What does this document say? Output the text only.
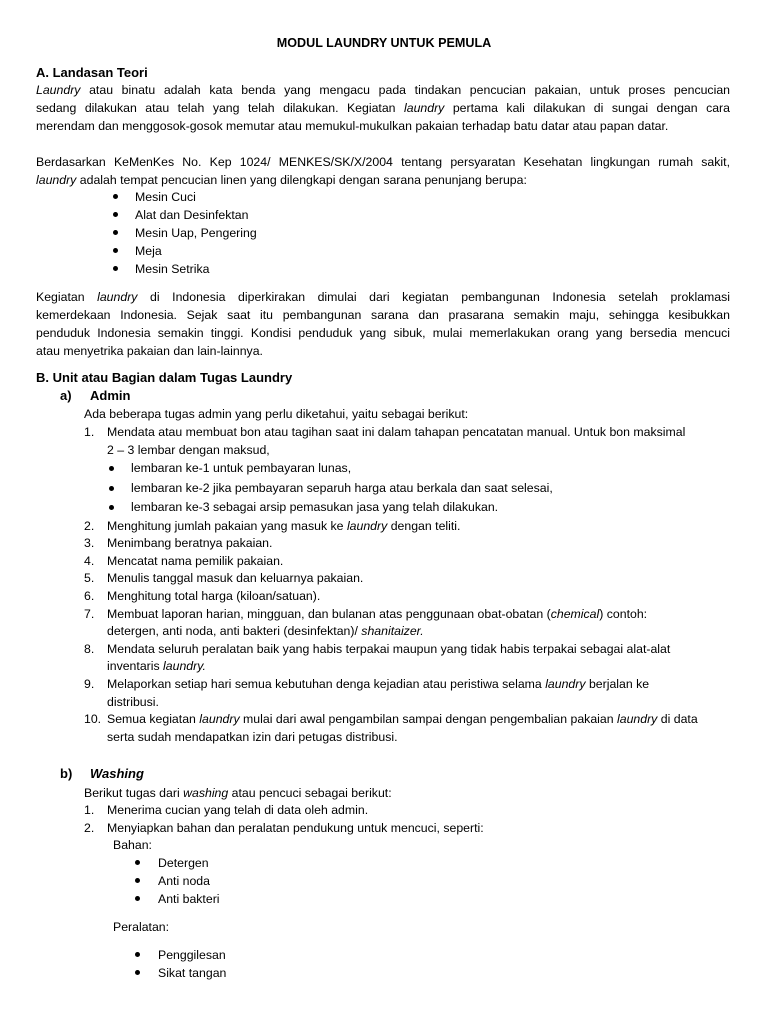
MODUL LAUNDRY UNTUK PEMULA
A. Landasan Teori

Laundry atau binatu adalah kata benda yang mengacu pada tindakan pencucian pakaian, untuk proses pencucian
sedang dilakukan atau telah yang telah dilakukan. Kegiatan laundry pertama kali dilakukan di sungai dengan cara
merendam dan menggosok-gosok memutar atau memukul-mukulkan pakaian terhadap batu datar atau papan datar.

Berdasarkan KeMenKes No. Kep 1024/ MENKES/SK/X/2004 tentang persyaratan Kesehatan lingkungan rumah sakit,
laundry adalah tempat pencucian linen yang dilengkapi dengan sarana penunjang berupa:

Mesin Cuci
Alat dan Desinfektan
Mesin Uap, Pengering
Meja
Mesin Setrika

Kegiatan laundry di Indonesia diperkirakan dimulai dari kegiatan pembangunan Indonesia setelah proklamasi
kemerdekaan Indonesia. Sejak saat itu pembangunan sarana dan prasarana semakin maju, sehingga kesibukkan
penduduk Indonesia semakin tinggi. Kondisi penduduk yang sibuk, mulai memerlakukan orang yang bersedia mencuci
atau menyetrika pakaian dan lain-lainnya.

B. Unit atau Bagian dalam Tugas Laundry
a) Admin

Ada beberapa tugas admin yang perlu diketahui, yaitu sebagai berikut:

1. Mendata atau membuat bon atau tagihan saat ini dalam tahapan pencatatan manual. Untuk bon maksimal
2 – 3 lembar dengan maksud,
lembaran ke-1 untuk pembayaran lunas,
lembaran ke-2 jika pembayaran separuh harga atau berkala dan saat selesai,
lembaran ke-3 sebagai arsip pemasukan jasa yang telah dilakukan.
2. Menghitung jumlah pakaian yang masuk ke laundry dengan teliti.
3. Menimbang beratnya pakaian.
4. Mencatat nama pemilik pakaian.
5. Menulis tanggal masuk dan keluarnya pakaian.
6. Menghitung total harga (kiloan/satuan).
7. Membuat laporan harian, mingguan, dan bulanan atas penggunaan obat-obatan (chemical) contoh:
detergen, anti noda, anti bakteri (desinfektan)/ shanitaizer.
8. Mendata seluruh peralatan baik yang habis terpakai maupun yang tidak habis terpakai sebagai alat-alat
inventaris laundry.
9. Melaporkan setiap hari semua kebutuhan denga kejadian atau peristiwa selama laundry berjalan ke
distribusi.
10. Semua kegiatan laundry mulai dari awal pengambilan sampai dengan pengembalian pakaian laundry di data
serta sudah mendapatkan izin dari petugas distribusi.
b) Washing

Berikut tugas dari washing atau pencuci sebagai berikut:

1. Menerima cucian yang telah di data oleh admin.
2. Menyiapkan bahan dan peralatan pendukung untuk mencuci, seperti:

Bahan:

Detergen
Anti noda
Anti bakteri

Peralatan:

Penggilesan
Sikat tangan
